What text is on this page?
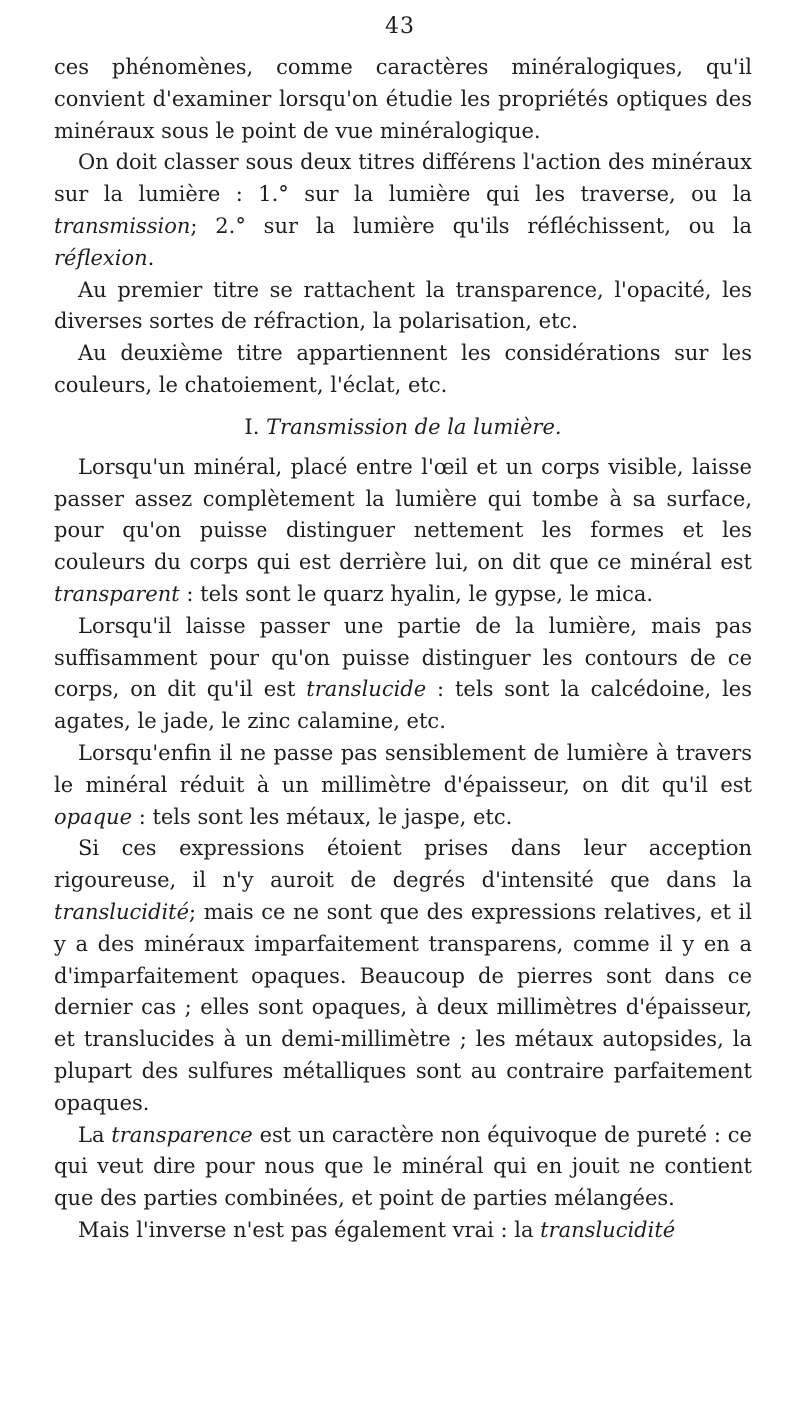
43

ces phénomènes, comme caractères minéralogiques, qu'il convient d'examiner lorsqu'on étudie les propriétés optiques des minéraux sous le point de vue minéralogique.

On doit classer sous deux titres différens l'action des minéraux sur la lumière : 1.° sur la lumière qui les traverse, ou la transmission; 2.° sur la lumière qu'ils réfléchissent, ou la réflexion.

Au premier titre se rattachent la transparence, l'opacité, les diverses sortes de réfraction, la polarisation, etc.

Au deuxième titre appartiennent les considérations sur les couleurs, le chatoiement, l'éclat, etc.

I. Transmission de la lumière.

Lorsqu'un minéral, placé entre l'œil et un corps visible, laisse passer assez complètement la lumière qui tombe à sa surface, pour qu'on puisse distinguer nettement les formes et les couleurs du corps qui est derrière lui, on dit que ce minéral est transparent : tels sont le quarz hyalin, le gypse, le mica.

Lorsqu'il laisse passer une partie de la lumière, mais pas suffisamment pour qu'on puisse distinguer les contours de ce corps, on dit qu'il est translucide : tels sont la calcédoine, les agates, le jade, le zinc calamine, etc.

Lorsqu'enfin il ne passe pas sensiblement de lumière à travers le minéral réduit à un millimètre d'épaisseur, on dit qu'il est opaque : tels sont les métaux, le jaspe, etc.

Si ces expressions étoient prises dans leur acception rigoureuse, il n'y auroit de degrés d'intensité que dans la translucidité; mais ce ne sont que des expressions relatives, et il y a des minéraux imparfaitement transparens, comme il y en a d'imparfaitement opaques. Beaucoup de pierres sont dans ce dernier cas ; elles sont opaques, à deux millimètres d'épaisseur, et translucides à un demi-millimètre ; les métaux autopsides, la plupart des sulfures métalliques sont au contraire parfaitement opaques.

La transparence est un caractère non équivoque de pureté : ce qui veut dire pour nous que le minéral qui en jouit ne contient que des parties combinées, et point de parties mélangées.

Mais l'inverse n'est pas également vrai : la translucidité
